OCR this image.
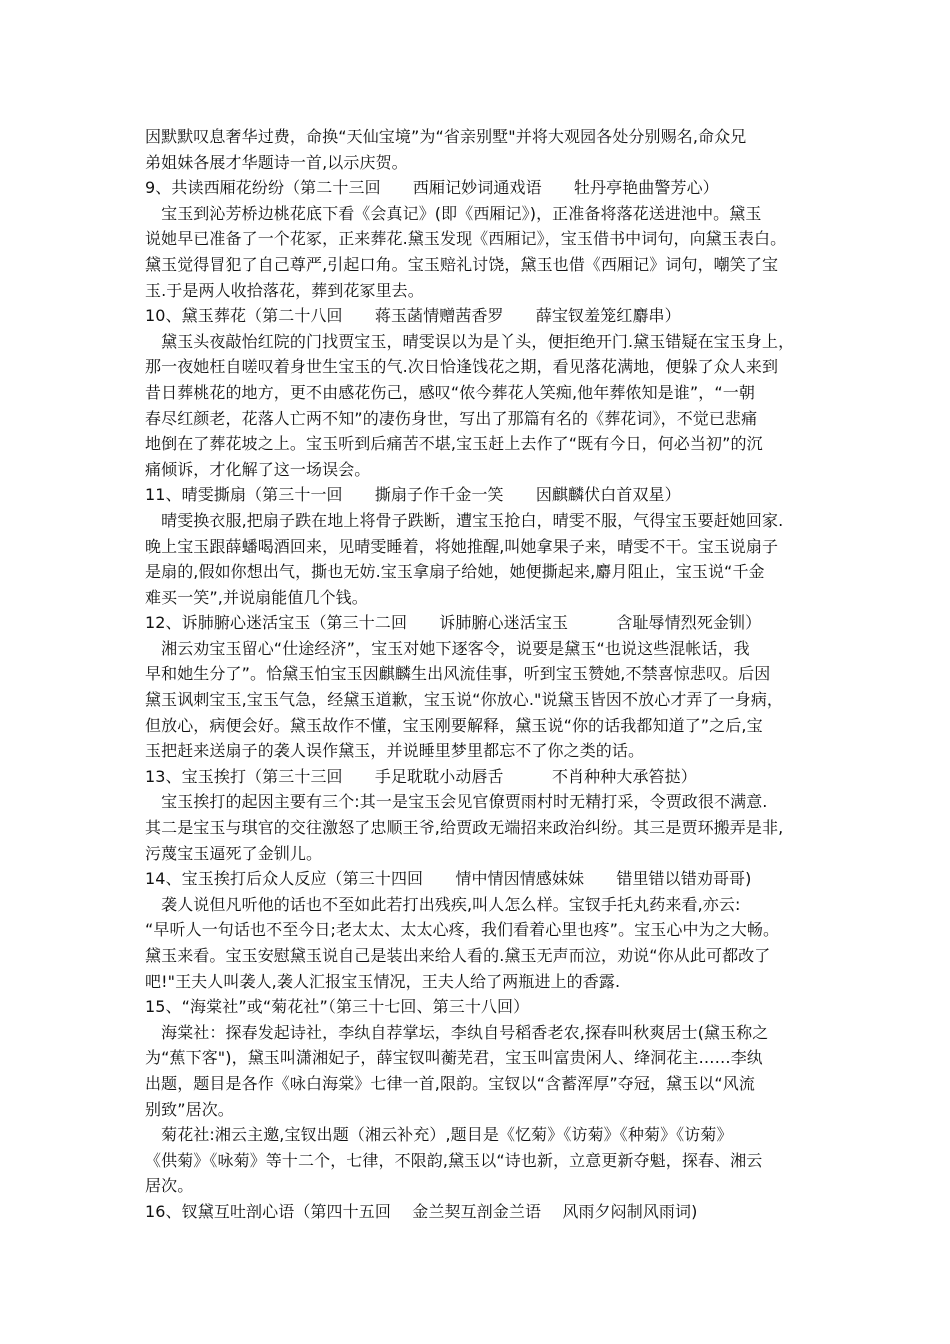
因默默叹息奢华过费，命换“天仙宝境”为“省亲别墅"并将大观园各处分别赐名,命众兄
弟姐妹各展才华题诗一首,以示庆贺。
9、共读西厢花纷纷（第二十三回　　西厢记妙词通戏语　　牡丹亭艳曲警芳心）
　宝玉到沁芳桥边桃花底下看《会真记》(即《西厢记》)，正准备将落花送进池中。黛玉
说她早已准备了一个花冢，正来葬花.黛玉发现《西厢记》，宝玉借书中词句，向黛玉表白。
黛玉觉得冒犯了自己尊严,引起口角。宝玉赔礼讨饶，黛玉也借《西厢记》词句，嘲笑了宝
玉.于是两人收拾落花，葬到花冢里去。
10、黛玉葬花（第二十八回　　蒋玉菡情赠茜香罗　　薛宝钗羞笼红麝串）
　黛玉头夜敲怡红院的门找贾宝玉，晴雯误以为是丫头，便拒绝开门.黛玉错疑在宝玉身上，
那一夜她枉自嗟叹着身世生宝玉的气.次日恰逢饯花之期，看见落花满地，便躲了众人来到
昔日葬桃花的地方，更不由感花伤己，感叹“侬今葬花人笑痴,他年葬侬知是谁”，“一朝
春尽红颜老，花落人亡两不知”的凄伤身世，写出了那篇有名的《葬花词》，不觉已悲痛
地倒在了葬花坡之上。宝玉听到后痛苦不堪,宝玉赶上去作了“既有今日，何必当初”的沉
痛倾诉，才化解了这一场误会。
11、晴雯撕扇（第三十一回　　撕扇子作千金一笑　　因麒麟伏白首双星）
　晴雯换衣服,把扇子跌在地上将骨子跌断，遭宝玉抢白，晴雯不服，气得宝玉要赶她回家.
晚上宝玉跟薛蟠喝酒回来，见晴雯睡着，将她推醒,叫她拿果子来，晴雯不干。宝玉说扇子
是扇的,假如你想出气，撕也无妨.宝玉拿扇子给她，她便撕起来,麝月阻止，宝玉说“千金
难买一笑”,并说扇能值几个钱。
12、诉肺腑心迷活宝玉（第三十二回　　诉肺腑心迷活宝玉　　　含耻辱情烈死金钏）
　湘云劝宝玉留心“仕途经济”，宝玉对她下逐客令，说要是黛玉“也说这些混帐话，我
早和她生分了”。恰黛玉怕宝玉因麒麟生出风流佳事，听到宝玉赞她,不禁喜惊悲叹。后因
黛玉讽刺宝玉,宝玉气急，经黛玉道歉，宝玉说“你放心."说黛玉皆因不放心才弄了一身病，
但放心，病便会好。黛玉故作不懂，宝玉刚要解释，黛玉说“你的话我都知道了”之后,宝
玉把赶来送扇子的袭人误作黛玉，并说睡里梦里都忘不了你之类的话。
13、宝玉挨打（第三十三回　　手足耽耽小动唇舌　　　不肖种种大承笞挞）
　宝玉挨打的起因主要有三个:其一是宝玉会见官僚贾雨村时无精打采，令贾政很不满意.
其二是宝玉与琪官的交往激怒了忠顺王爷,给贾政无端招来政治纠纷。其三是贾环搬弄是非,
污蔑宝玉逼死了金钏儿。
14、宝玉挨打后众人反应（第三十四回　　情中情因情感妹妹　　错里错以错劝哥哥)
　袭人说但凡听他的话也不至如此若打出残疾,叫人怎么样。宝钗手托丸药来看,亦云:
“早听人一句话也不至今日;老太太、太太心疼，我们看着心里也疼”。宝玉心中为之大畅。
黛玉来看。宝玉安慰黛玉说自己是装出来给人看的.黛玉无声而泣，劝说“你从此可都改了
吧!"王夫人叫袭人,袭人汇报宝玉情况，王夫人给了两瓶进上的香露.
15、“海棠社”或“菊花社”（第三十七回、第三十八回）
　海棠社：探春发起诗社，李纨自荐掌坛，李纨自号稻香老农,探春叫秋爽居士(黛玉称之
为“蕉下客")，黛玉叫潇湘妃子，薛宝钗叫蘅芜君，宝玉叫富贵闲人、绛洞花主……李纨
出题，题目是各作《咏白海棠》七律一首,限韵。宝钗以“含蓄浑厚”夺冠，黛玉以“风流
别致”居次。
　菊花社:湘云主邀,宝钗出题（湘云补充）,题目是《忆菊》《访菊》《种菊》《访菊》
《供菊》《咏菊》等十二个，七律，不限韵,黛玉以“诗也新，立意更新夺魁，探春、湘云
居次。
16、钗黛互吐剖心语（第四十五回　 金兰契互剖金兰语　 风雨夕闷制风雨词)
